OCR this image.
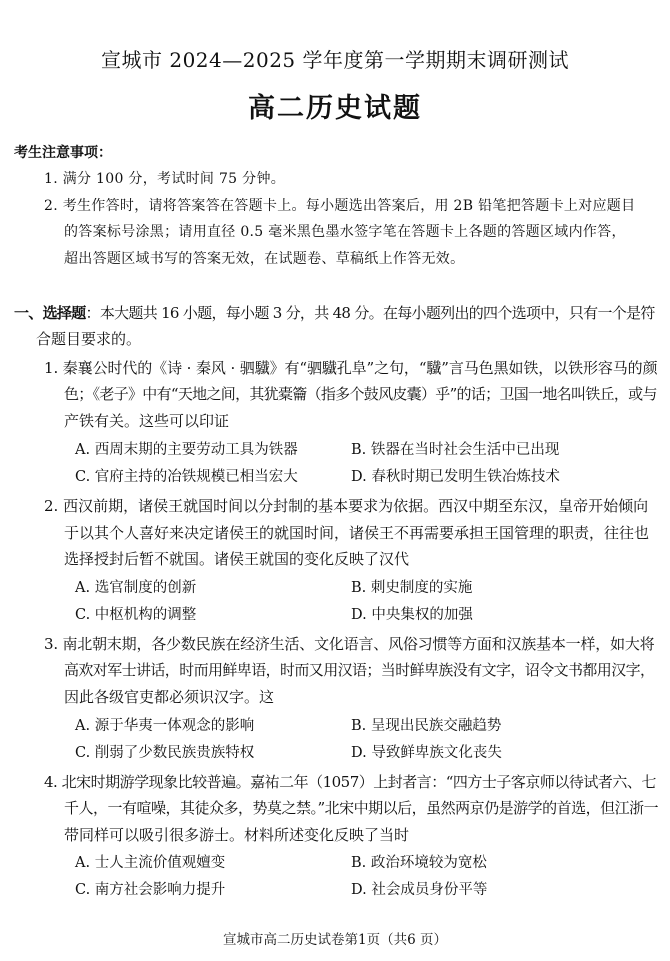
宣城市 2024—2025 学年度第一学期期末调研测试
高二历史试题
考生注意事项：
1. 满分 100 分，考试时间 75 分钟。
2. 考生作答时，请将答案答在答题卡上。每小题选出答案后，用 2B 铅笔把答题卡上对应题目
的答案标号涂黑；请用直径 0.5 毫米黑色墨水签字笔在答题卡上各题的答题区域内作答，
超出答题区域书写的答案无效，在试题卷、草稿纸上作答无效。
一、选择题：本大题共 16 小题，每小题 3 分，共 48 分。在每小题列出的四个选项中，只有一个是符
合题目要求的。
1. 秦襄公时代的《诗 · 秦风 · 驷驖》有“驷驖孔阜”之句，“驖”言马色黑如铁，以铁形容马的颜
色；《老子》中有“天地之间，其犹橐籥（指多个鼓风皮囊）乎”的话；卫国一地名叫铁丘，或与
产铁有关。这些可以印证
A. 西周末期的主要劳动工具为铁器	B. 铁器在当时社会生活中已出现
C. 官府主持的冶铁规模已相当宏大	D. 春秋时期已发明生铁冶炼技术
2. 西汉前期，诸侯王就国时间以分封制的基本要求为依据。西汉中期至东汉，皇帝开始倾向
于以其个人喜好来决定诸侯王的就国时间，诸侯王不再需要承担王国管理的职责，往往也
选择授封后暂不就国。诸侯王就国的变化反映了汉代
A. 选官制度的创新	B. 刺史制度的实施
C. 中枢机构的调整	D. 中央集权的加强
3. 南北朝末期，各少数民族在经济生活、文化语言、风俗习惯等方面和汉族基本一样，如大将
高欢对军士讲话，时而用鲜卑语，时而又用汉语；当时鲜卑族没有文字，诏令文书都用汉字，
因此各级官吏都必须识汉字。这
A. 源于华夷一体观念的影响	B. 呈现出民族交融趋势
C. 削弱了少数民族贵族特权	D. 导致鲜卑族文化丧失
4. 北宋时期游学现象比较普遍。嘉祐二年（1057）上封者言：“四方士子客京师以待试者六、七
千人，一有喧噪，其徒众多，势莫之禁。”北宋中期以后，虽然两京仍是游学的首选，但江浙一
带同样可以吸引很多游士。材料所述变化反映了当时
A. 士人主流价值观嬗变	B. 政治环境较为宽松
C. 南方社会影响力提升	D. 社会成员身份平等
宣城市高二历史试卷第1页（共6 页）
